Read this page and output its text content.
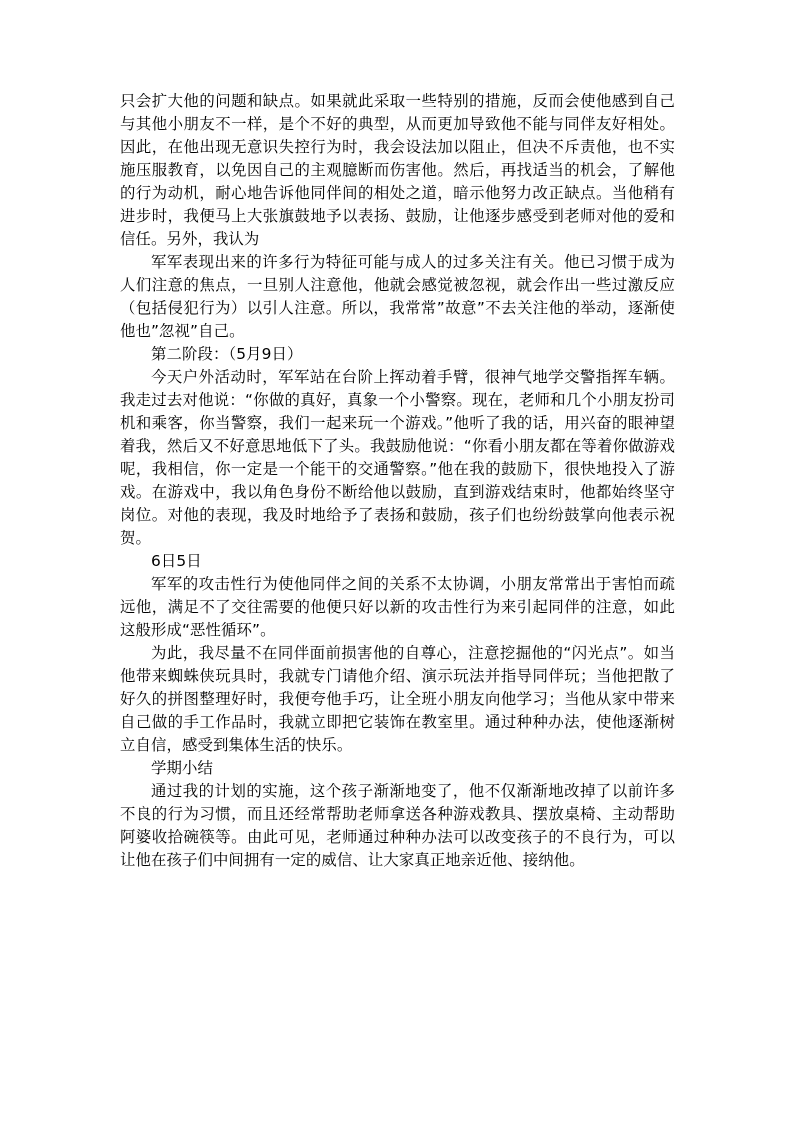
只会扩大他的问题和缺点。如果就此采取一些特别的措施，反而会使他感到自己与其他小朋友不一样，是个不好的典型，从而更加导致他不能与同伴友好相处。因此，在他出现无意识失控行为时，我会设法加以阻止，但决不斥责他，也不实施压服教育，以免因自己的主观臆断而伤害他。然后，再找适当的机会，了解他的行为动机，耐心地告诉他同伴间的相处之道，暗示他努力改正缺点。当他稍有进步时，我便马上大张旗鼓地予以表扬、鼓励，让他逐步感受到老师对他的爱和信任。另外，我认为

军军表现出来的许多行为特征可能与成人的过多关注有关。他已习惯于成为人们注意的焦点，一旦别人注意他，他就会感觉被忽视，就会作出一些过激反应（包括侵犯行为）以引人注意。所以，我常常”故意”不去关注他的举动，逐渐使他也”忽视”自己。

第二阶段：（5月9日）

今天户外活动时，军军站在台阶上挥动着手臂，很神气地学交警指挥车辆。我走过去对他说：“你做的真好，真象一个小警察。现在，老师和几个小朋友扮司机和乘客，你当警察，我们一起来玩一个游戏。”他听了我的话，用兴奋的眼神望着我，然后又不好意思地低下了头。我鼓励他说：“你看小朋友都在等着你做游戏呢，我相信，你一定是一个能干的交通警察。”他在我的鼓励下，很快地投入了游戏。在游戏中，我以角色身份不断给他以鼓励，直到游戏结束时，他都始终坚守岗位。对他的表现，我及时地给予了表扬和鼓励，孩子们也纷纷鼓掌向他表示祝贺。

6日5日

军军的攻击性行为使他同伴之间的关系不太协调，小朋友常常出于害怕而疏远他，满足不了交往需要的他便只好以新的攻击性行为来引起同伴的注意，如此这般形成“恶性循环”。

为此，我尽量不在同伴面前损害他的自尊心，注意挖掘他的“闪光点”。如当他带来蜘蛛侠玩具时，我就专门请他介绍、演示玩法并指导同伴玩；当他把散了好久的拼图整理好时，我便夸他手巧，让全班小朋友向他学习；当他从家中带来自己做的手工作品时，我就立即把它装饰在教室里。通过种种办法，使他逐渐树立自信，感受到集体生活的快乐。

学期小结

通过我的计划的实施，这个孩子渐渐地变了，他不仅渐渐地改掉了以前许多不良的行为习惯，而且还经常帮助老师拿送各种游戏教具、摆放桌椅、主动帮助阿婆收拾碗筷等。由此可见，老师通过种种办法可以改变孩子的不良行为，可以让他在孩子们中间拥有一定的威信、让大家真正地亲近他、接纳他。
